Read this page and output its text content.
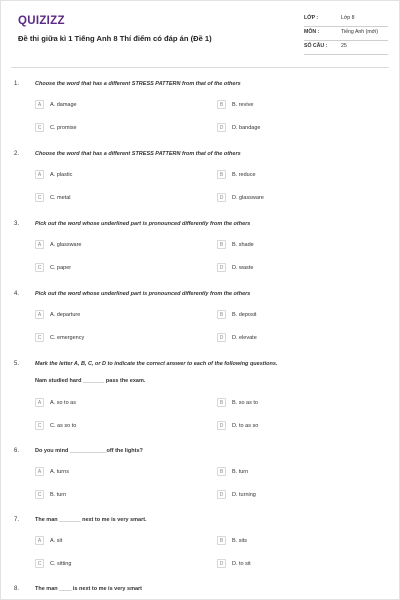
QUIZIZZ
Đề thi giữa kì 1 Tiếng Anh 8 Thí điểm có đáp án (Đề 1)
LỚP :	Lớp 8
MÔN :	Tiếng Anh (mới)
SỐ CÂU :	25
1.	Choose the word that has a different STRESS PATTERN from that of the others
A	A. damage	B	B. revive
C	C. promise	D	D. bandage
2.	Choose the word that has a different STRESS PATTERN from that of the others
A	A. plastic	B	B. reduce
C	C. metal	D	D. glassware
3.	Pick out the word whose underlined part is pronounced differently from the others
A	A. glassware	B	B. shade
C	C. paper	D	D. waste
4.	Pick out the word whose underlined part is pronounced differently from the others
A	A. departure	B	B. deposit
C	C. emergency	D	D. elevate
5.	Mark the letter A, B, C, or D to indicate the correct answer to each of the following questions.
Nam studied hard _______ pass the exam.
A	A. so to as	B	B. so as to
C	C. as so to	D	D. to as so
6.	Do you mind ____________off the lights?
A	A. turns	B	B. turn
C	B. turn	D	D. turning
7.	The man _______ next to me is very smart.
A	A. sit	B	B. sits
C	C. sitting	D	D. to sit
8.	The man ____ is next to me is very smart
